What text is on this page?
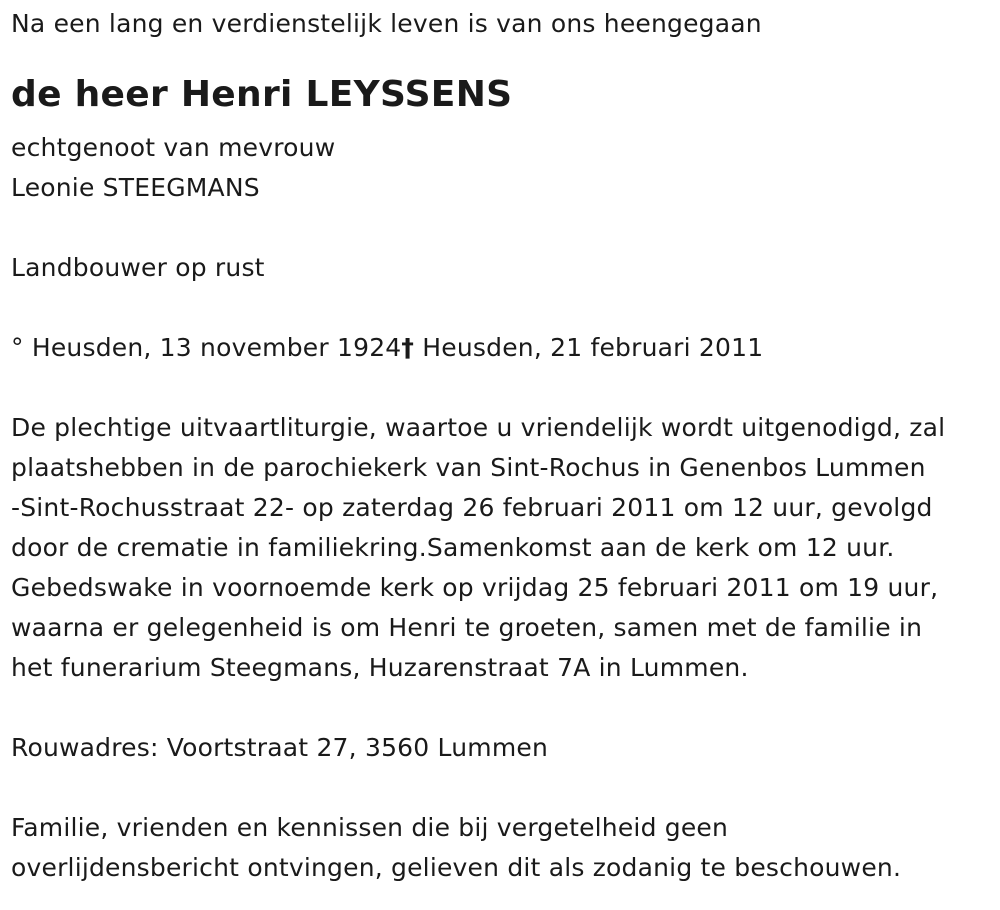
Na een lang en verdienstelijk leven is van ons heengegaan
de heer Henri LEYSSENS
echtgenoot van mevrouw
Leonie STEEGMANS
Landbouwer op rust
° Heusden, 13 november 1924† Heusden, 21 februari 2011
De plechtige uitvaartliturgie, waartoe u vriendelijk wordt uitgenodigd, zal
plaatshebben in de parochiekerk van Sint-Rochus in Genenbos Lummen
-Sint-Rochusstraat 22- op zaterdag 26 februari 2011 om 12 uur, gevolgd
door de crematie in familiekring.Samenkomst aan de kerk om 12 uur.
Gebedswake in voornoemde kerk op vrijdag 25 februari 2011 om 19 uur,
waarna er gelegenheid is om Henri te groeten, samen met de familie in
het funerarium Steegmans, Huzarenstraat 7A in Lummen.
Rouwadres: Voortstraat 27, 3560 Lummen
Familie, vrienden en kennissen die bij vergetelheid geen
overlijdensbericht ontvingen, gelieven dit als zodanig te beschouwen.
